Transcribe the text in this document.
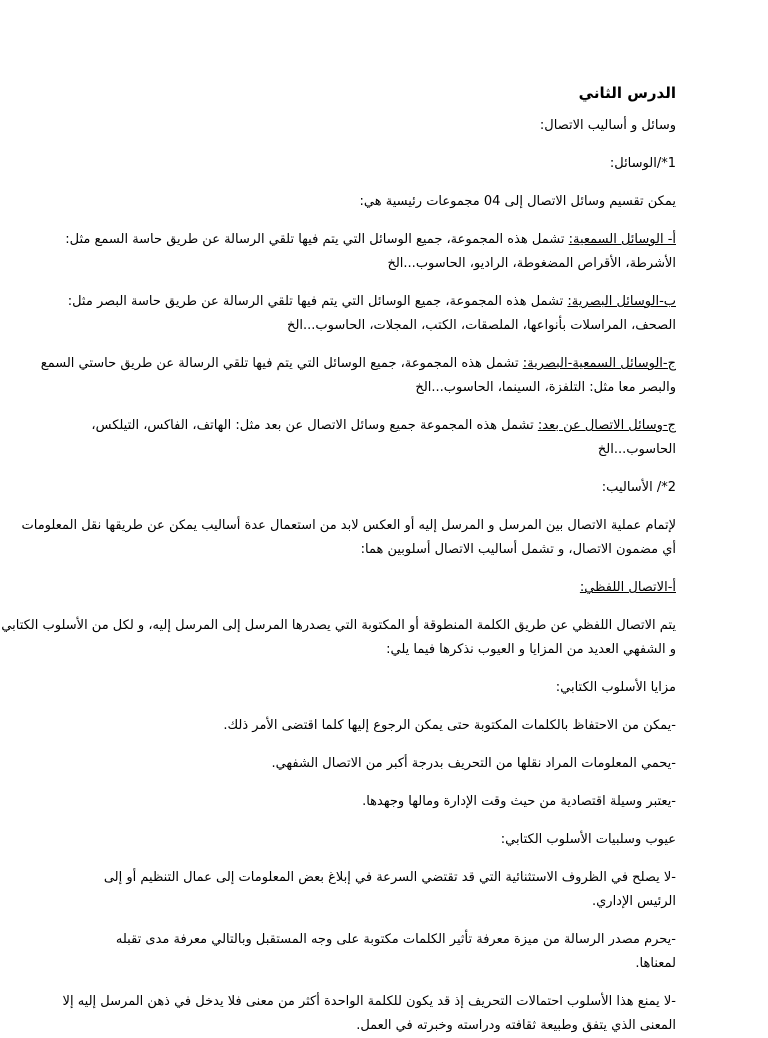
الدرس الثاني
وسائل و أساليب الاتصال:
1*/الوسائل:
يمكن تقسيم وسائل الاتصال إلى 04 مجموعات رئيسية هي:
أ- الوسائل السمعية: تشمل هذه المجموعة، جميع الوسائل التي يتم فيها تلقي الرسالة عن طريق حاسة السمع مثل:
الأشرطة، الأقراص المضغوطة، الراديو، الحاسوب...الخ
ب-الوسائل البصرية: تشمل هذه المجموعة، جميع الوسائل التي يتم فيها تلقي الرسالة عن طريق حاسة البصر مثل:
الصحف، المراسلات بأنواعها، الملصقات، الكتب، المجلات، الحاسوب...الخ
ج-الوسائل السمعية-البصرية: تشمل هذه المجموعة، جميع الوسائل التي يتم فيها تلقي الرسالة عن طريق حاستي السمع
والبصر معا مثل: التلفزة، السينما، الحاسوب...الخ
ج-وسائل الاتصال عن بعد: تشمل هذه المجموعة جميع وسائل الاتصال عن بعد مثل: الهاتف، الفاكس، التيلكس،
الحاسوب...الخ
2*/ الأساليب:
لإتمام عملية الاتصال بين المرسل و المرسل إليه أو العكس لابد من استعمال عدة أساليب يمكن عن طريقها نقل المعلومات
أي مضمون الاتصال، و تشمل أساليب الاتصال أسلوبين هما:
أ-الاتصال اللفظي:
يتم الاتصال اللفظي عن طريق الكلمة المنطوقة أو المكتوبة التي يصدرها المرسل إلى المرسل إليه، و لكل من الأسلوب الكتابي
و الشفهي العديد من المزايا و العيوب نذكرها فيما يلي:
مزايا الأسلوب الكتابي:
-يمكن من الاحتفاظ بالكلمات المكتوبة حتى يمكن الرجوع إليها كلما اقتضى الأمر ذلك.
-يحمي المعلومات المراد نقلها من التحريف بدرجة أكبر من الاتصال الشفهي.
-يعتبر وسيلة اقتصادية من حيث وقت الإدارة ومالها وجهدها.
عيوب وسلبيات الأسلوب الكتابي:
-لا يصلح في الظروف الاستثنائية التي قد تقتضي السرعة في إبلاغ بعض المعلومات إلى عمال التنظيم أو إلى الرئيس الإداري.
-يحرم مصدر الرسالة من ميزة معرفة تأثير الكلمات مكتوبة على وجه المستقبل وبالتالي معرفة مدى تقبله لمعناها.
-لا يمنع هذا الأسلوب احتمالات التحريف إذ قد يكون للكلمة الواحدة أكثر من معنى فلا يدخل في ذهن المرسل إليه إلا
المعنى الذي يتفق وطبيعة ثقافته ودراسته وخبرته في العمل.
